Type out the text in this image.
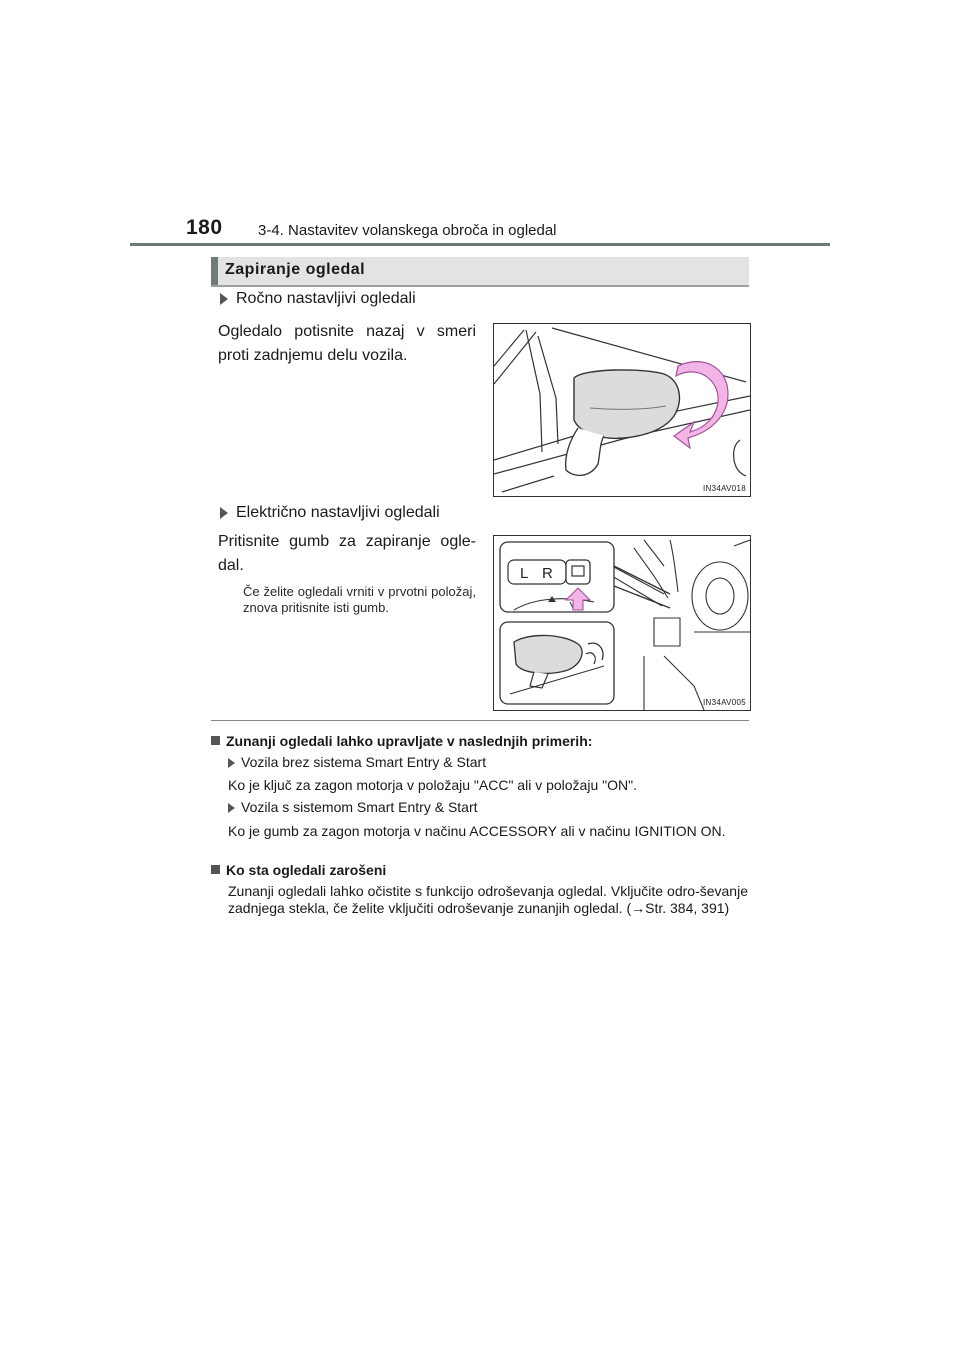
180 3-4. Nastavitev volanskega obroča in ogledal
Zapiranje ogledal
Ročno nastavljivi ogledali
Ogledalo potisnite nazaj v smeri proti zadnjemu delu vozila.
IN34AV018
Električno nastavljivi ogledali
Pritisnite gumb za zapiranje ogle-dal.
Če želite ogledali vrniti v prvotni položaj, znova pritisnite isti gumb.
L R
IN34AV005
Zunanji ogledali lahko upravljate v naslednjih primerih:
Vozila brez sistema Smart Entry & Start
Ko je ključ za zagon motorja v položaju "ACC" ali v položaju "ON".
Vozila s sistemom Smart Entry & Start
Ko je gumb za zagon motorja v načinu ACCESSORY ali v načinu IGNITION ON.
Ko sta ogledali zarošeni
Zunanji ogledali lahko očistite s funkcijo odroševanja ogledal. Vključite odro-ševanje zadnjega stekla, če želite vključiti odroševanje zunanjih ogledal. (→Str. 384, 391)
